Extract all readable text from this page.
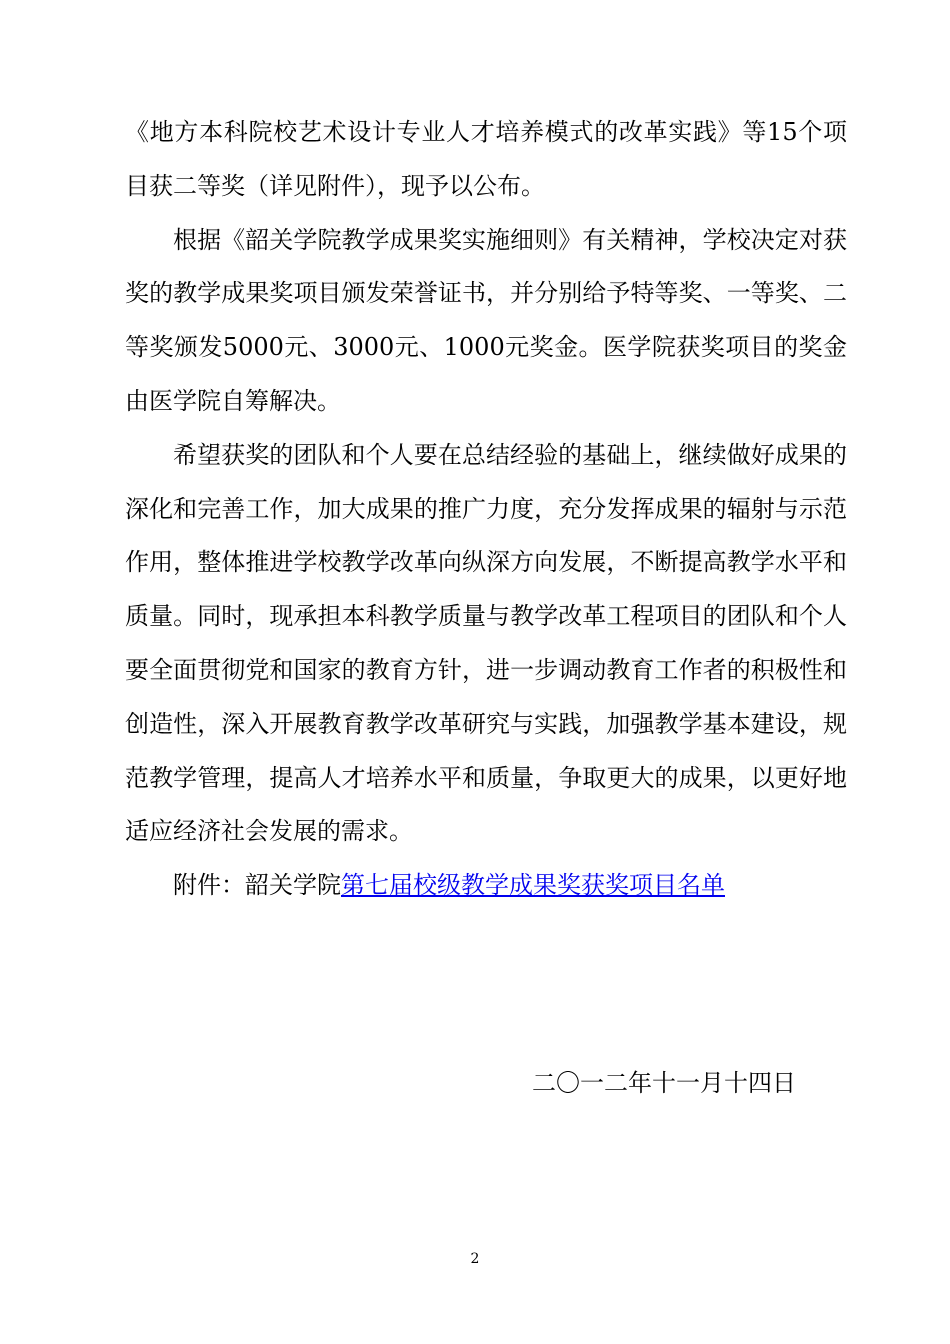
《地方本科院校艺术设计专业人才培养模式的改革实践》等15个项目获二等奖（详见附件），现予以公布。

根据《韶关学院教学成果奖实施细则》有关精神，学校决定对获奖的教学成果奖项目颁发荣誉证书，并分别给予特等奖、一等奖、二等奖颁发5000元、3000元、1000元奖金。医学院获奖项目的奖金由医学院自筹解决。

希望获奖的团队和个人要在总结经验的基础上，继续做好成果的深化和完善工作，加大成果的推广力度，充分发挥成果的辐射与示范作用，整体推进学校教学改革向纵深方向发展，不断提高教学水平和质量。同时，现承担本科教学质量与教学改革工程项目的团队和个人要全面贯彻党和国家的教育方针，进一步调动教育工作者的积极性和创造性，深入开展教育教学改革研究与实践，加强教学基本建设，规范教学管理，提高人才培养水平和质量，争取更大的成果，以更好地适应经济社会发展的需求。

附件：韶关学院第七届校级教学成果奖获奖项目名单

二〇一二年十一月十四日
2
